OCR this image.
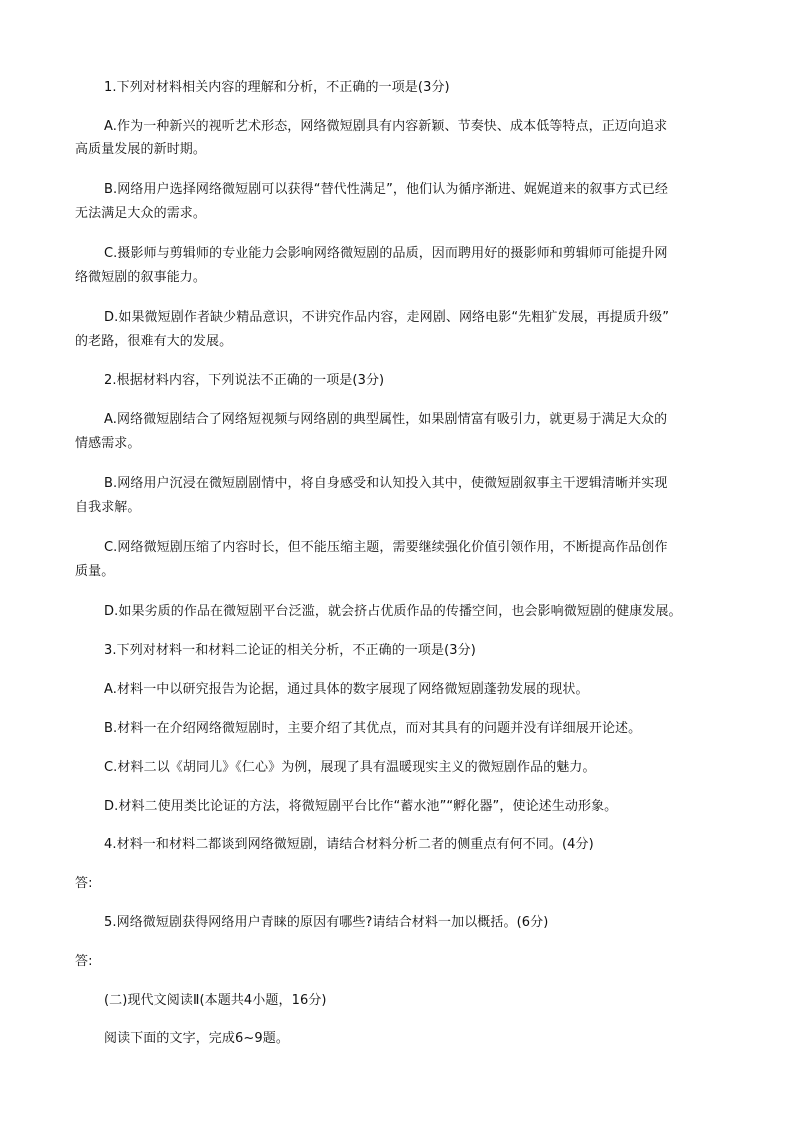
1.下列对材料相关内容的理解和分析，不正确的一项是(3分)
A.作为一种新兴的视听艺术形态，网络微短剧具有内容新颖、节奏快、成本低等特点，正迈向追求
高质量发展的新时期。
B.网络用户选择网络微短剧可以获得“替代性满足”，他们认为循序渐进、娓娓道来的叙事方式已经
无法满足大众的需求。
C.摄影师与剪辑师的专业能力会影响网络微短剧的品质，因而聘用好的摄影师和剪辑师可能提升网
络微短剧的叙事能力。
D.如果微短剧作者缺少精品意识，不讲究作品内容，走网剧、网络电影“先粗犷发展，再提质升级”
的老路，很难有大的发展。
2.根据材料内容，下列说法不正确的一项是(3分)
A.网络微短剧结合了网络短视频与网络剧的典型属性，如果剧情富有吸引力，就更易于满足大众的
情感需求。
B.网络用户沉浸在微短剧剧情中，将自身感受和认知投入其中，使微短剧叙事主干逻辑清晰并实现
自我求解。
C.网络微短剧压缩了内容时长，但不能压缩主题，需要继续强化价值引领作用，不断提高作品创作
质量。
D.如果劣质的作品在微短剧平台泛滥，就会挤占优质作品的传播空间，也会影响微短剧的健康发展。
3.下列对材料一和材料二论证的相关分析，不正确的一项是(3分)
A.材料一中以研究报告为论据，通过具体的数字展现了网络微短剧蓬勃发展的现状。
B.材料一在介绍网络微短剧时，主要介绍了其优点，而对其具有的问题并没有详细展开论述。
C.材料二以《胡同儿》《仁心》为例，展现了具有温暖现实主义的微短剧作品的魅力。
D.材料二使用类比论证的方法，将微短剧平台比作“蓄水池”“孵化器”，使论述生动形象。
4.材料一和材料二都谈到网络微短剧，请结合材料分析二者的侧重点有何不同。(4分)
答:
5.网络微短剧获得网络用户青睐的原因有哪些?请结合材料一加以概括。(6分)
答:
(二)现代文阅读Ⅱ(本题共4小题，16分)
阅读下面的文字，完成6~9题。
